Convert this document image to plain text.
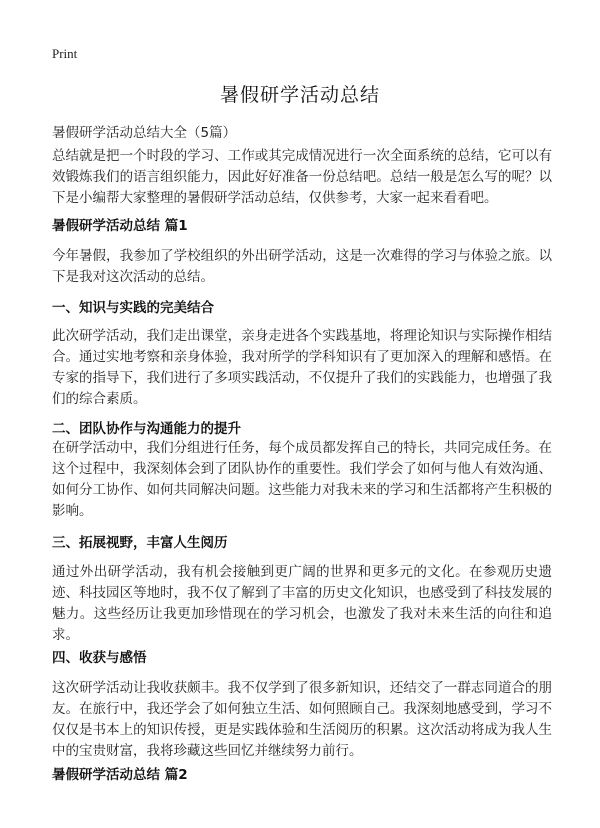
Print
暑假研学活动总结
暑假研学活动总结大全（5篇）

总结就是把一个时段的学习、工作或其完成情况进行一次全面系统的总结，它可以有效锻炼我们的语言组织能力，因此好好准备一份总结吧。总结一般是怎么写的呢？以下是小编帮大家整理的暑假研学活动总结，仅供参考，大家一起来看看吧。

暑假研学活动总结 篇1

今年暑假，我参加了学校组织的外出研学活动，这是一次难得的学习与体验之旅。以下是我对这次活动的总结。

一、知识与实践的完美结合

此次研学活动，我们走出课堂，亲身走进各个实践基地，将理论知识与实际操作相结合。通过实地考察和亲身体验，我对所学的学科知识有了更加深入的理解和感悟。在专家的指导下，我们进行了多项实践活动，不仅提升了我们的实践能力，也增强了我们的综合素质。

二、团队协作与沟通能力的提升

在研学活动中，我们分组进行任务，每个成员都发挥自己的特长，共同完成任务。在这个过程中，我深刻体会到了团队协作的重要性。我们学会了如何与他人有效沟通、如何分工协作、如何共同解决问题。这些能力对我未来的学习和生活都将产生积极的影响。

三、拓展视野，丰富人生阅历

通过外出研学活动，我有机会接触到更广阔的世界和更多元的文化。在参观历史遗迹、科技园区等地时，我不仅了解到了丰富的历史文化知识，也感受到了科技发展的魅力。这些经历让我更加珍惜现在的学习机会，也激发了我对未来生活的向往和追求。

四、收获与感悟

这次研学活动让我收获颇丰。我不仅学到了很多新知识，还结交了一群志同道合的朋友。在旅行中，我还学会了如何独立生活、如何照顾自己。我深刻地感受到，学习不仅仅是书本上的知识传授，更是实践体验和生活阅历的积累。这次活动将成为我人生中的宝贵财富，我将珍藏这些回忆并继续努力前行。

暑假研学活动总结 篇2
